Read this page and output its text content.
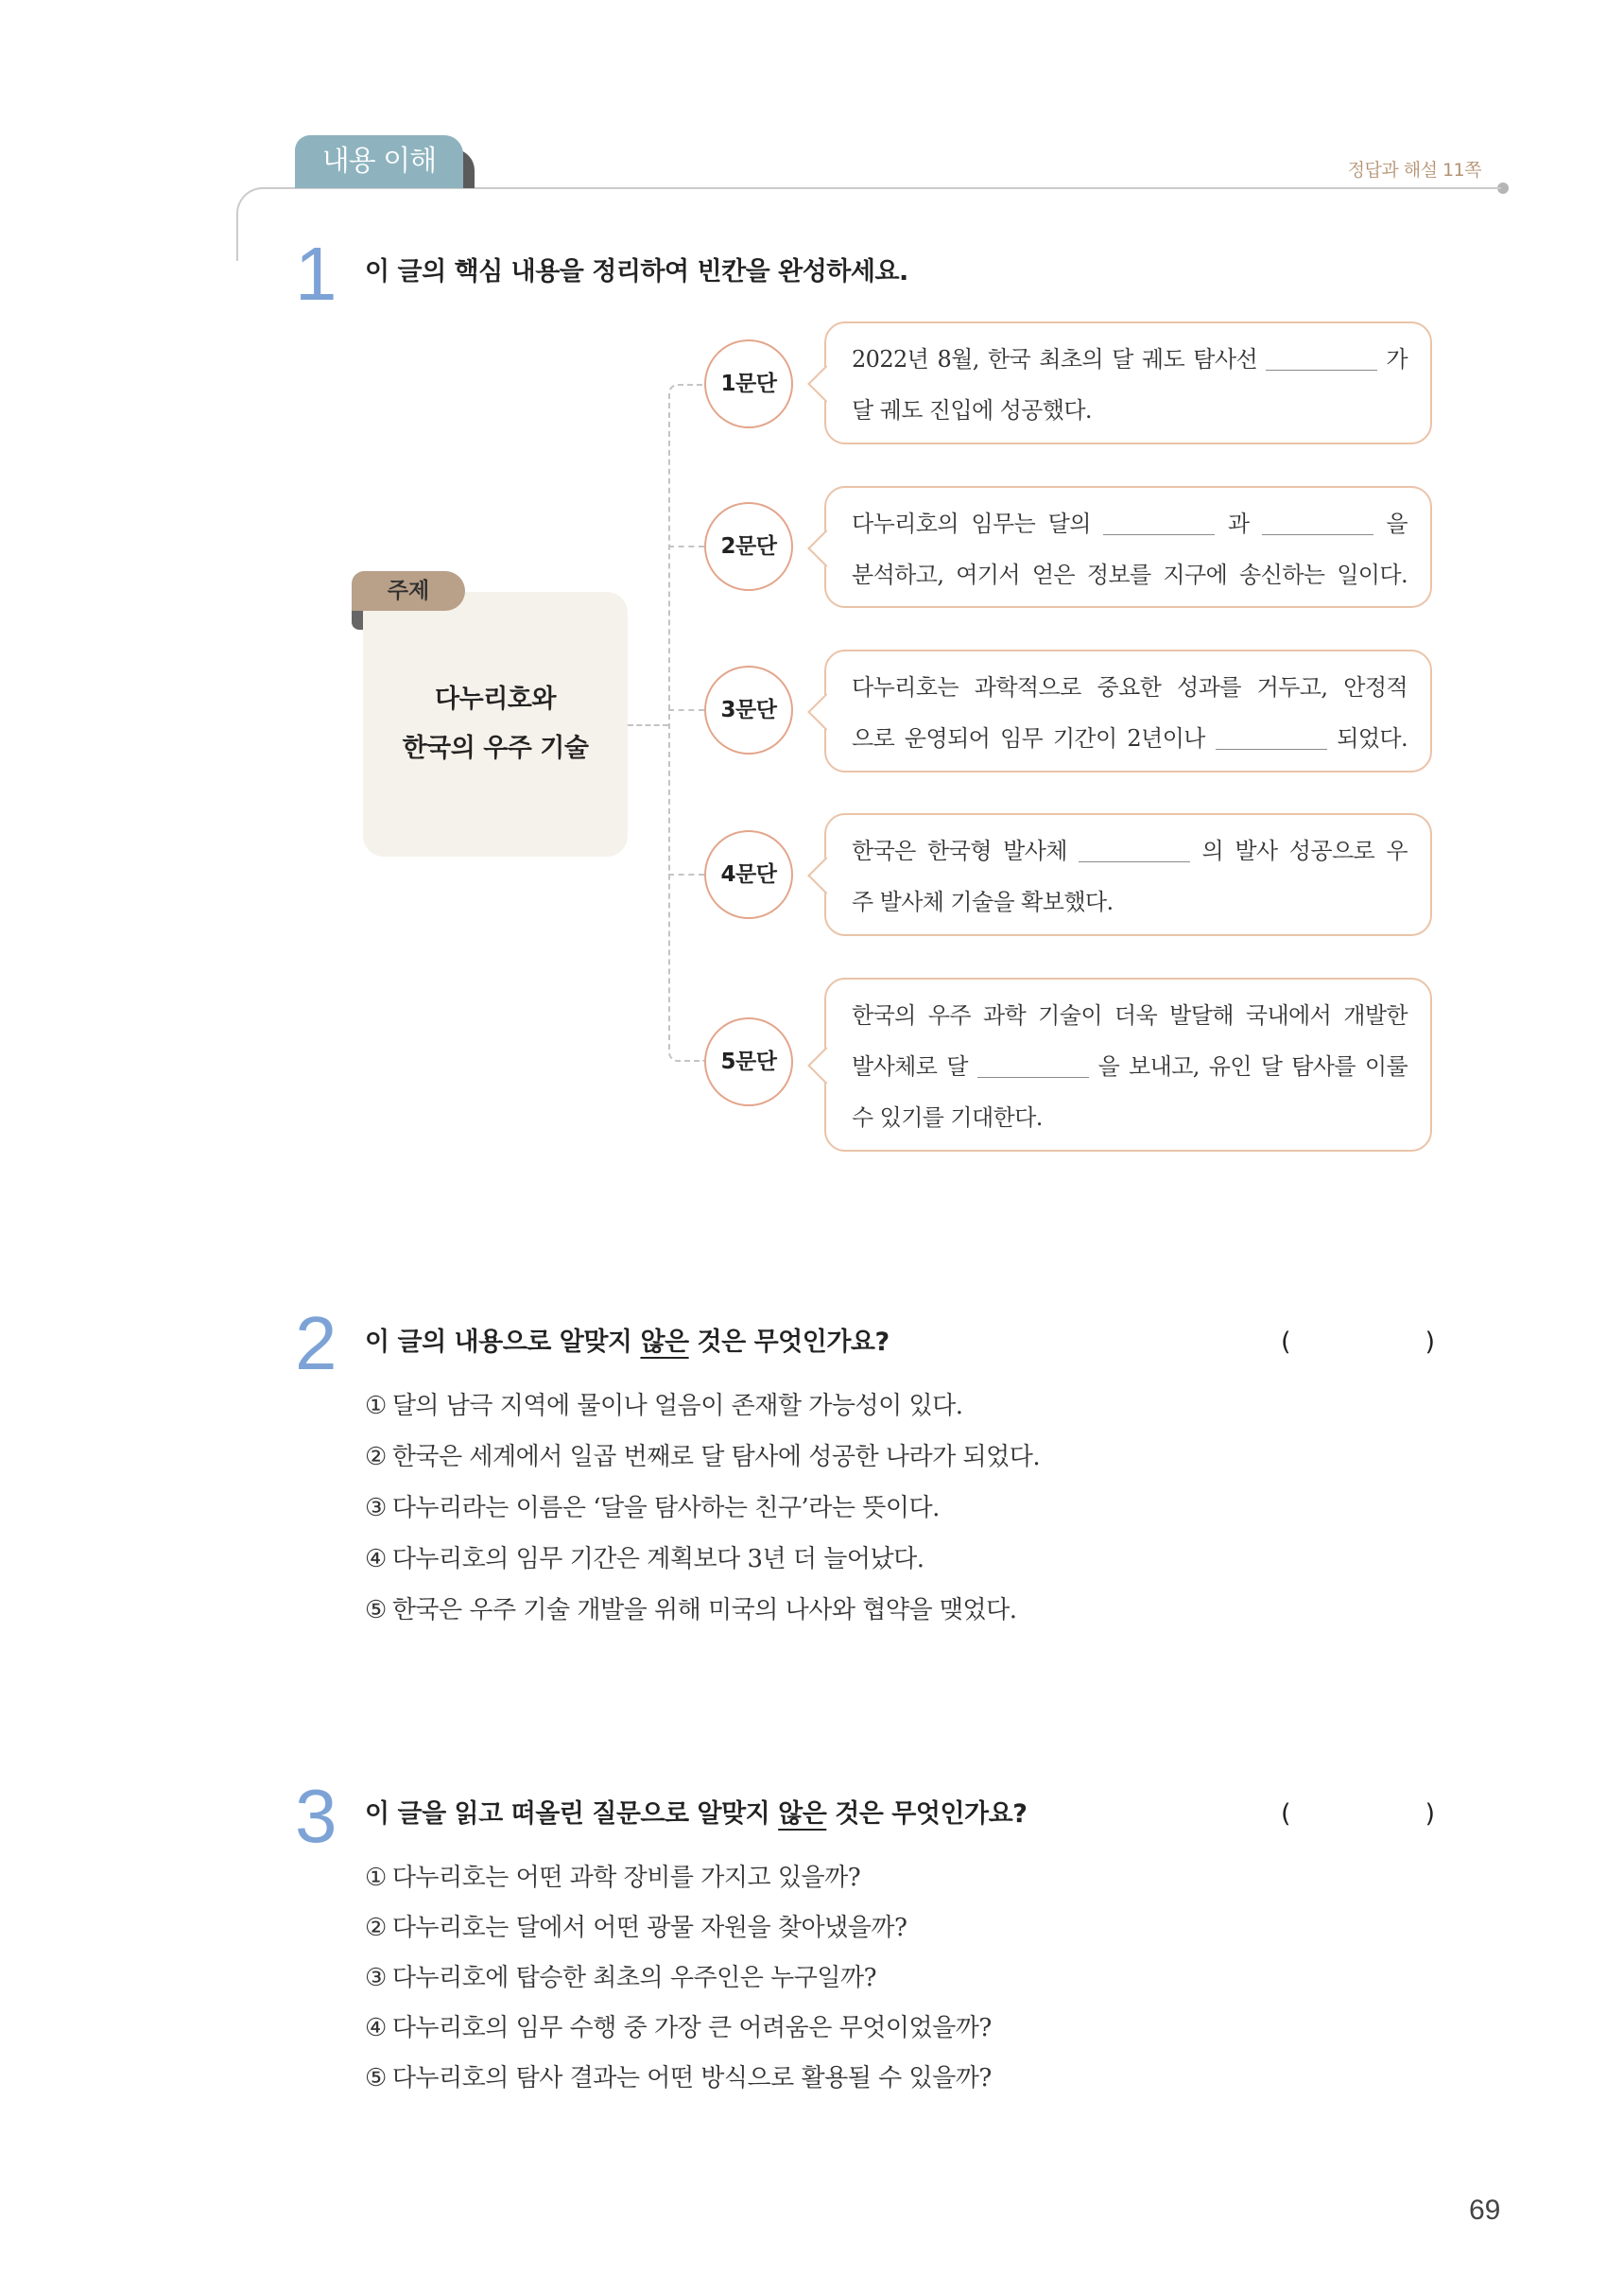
내용 이해	정답과 해설 11쪽
1 이 글의 핵심 내용을 정리하여 빈칸을 완성하세요.
주제
다누리호와
한국의 우주 기술
1문단
2문단
3문단
4문단
5문단
2022년 8월, 한국 최초의 달 궤도 탐사선	가
달 궤도 진입에 성공했다.
다누리호의 임무는 달의	과	을
분석하고, 여기서 얻은 정보를 지구에 송신하는 일이다.
다누리호는 과학적으로 중요한 성과를 거두고, 안정적
으로 운영되어 임무 기간이 2년이나	되었다.
한국은 한국형 발사체	의 발사 성공으로 우
주 발사체 기술을 확보했다.
한국의 우주 과학 기술이 더욱 발달해 국내에서 개발한
발사체로 달	을 보내고, 유인 달 탐사를 이룰
수 있기를 기대한다.
2 이 글의 내용으로 알맞지 않은 것은 무엇인가요?	(	)
① 달의 남극 지역에 물이나 얼음이 존재할 가능성이 있다.
② 한국은 세계에서 일곱 번째로 달 탐사에 성공한 나라가 되었다.
③ 다누리라는 이름은 ‘달을 탐사하는 친구’라는 뜻이다.
④ 다누리호의 임무 기간은 계획보다 3년 더 늘어났다.
⑤ 한국은 우주 기술 개발을 위해 미국의 나사와 협약을 맺었다.
3 이 글을 읽고 떠올린 질문으로 알맞지 않은 것은 무엇인가요?	(	)
① 다누리호는 어떤 과학 장비를 가지고 있을까?
② 다누리호는 달에서 어떤 광물 자원을 찾아냈을까?
③ 다누리호에 탑승한 최초의 우주인은 누구일까?
④ 다누리호의 임무 수행 중 가장 큰 어려움은 무엇이었을까?
⑤ 다누리호의 탐사 결과는 어떤 방식으로 활용될 수 있을까?
69
